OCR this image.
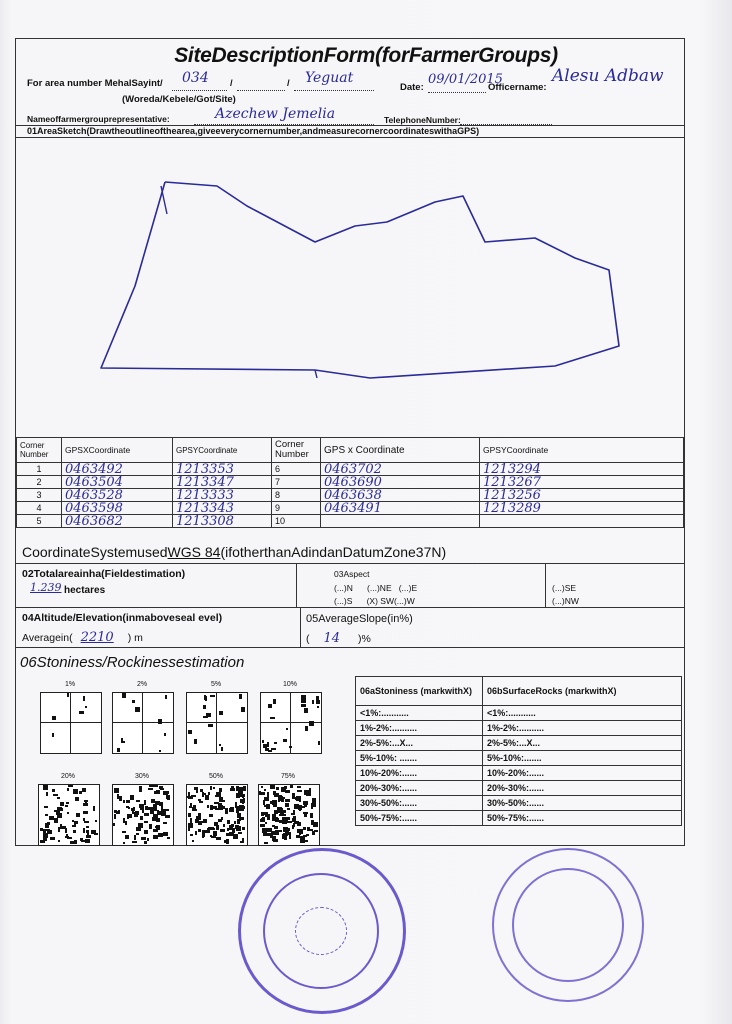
SiteDescriptionForm(forFarmerGroups)
For area number MehalSayint/ 034 /	/ Yeguat
(Woreda/Kebele/Got/Site)
Date:
09/01/2015
Officername:
Alesu Adbaw
Nameoffarmergrouprepresentative:	Azechew Jemelia	TelephoneNumber:
01AreaSketch(Drawtheoutlineofthearea,giveeverycornernumber,andmeasurecornercoordinateswithaGPS)
Corner Number	GPSXCoordinate	GPSYCoordinate	Corner Number	GPS x Coordinate	GPSYCoordinate
1	0463492	1213353	6	0463702	1213294
2	0463504	1213347	7	0463690	1213267
3	0463528	1213333	8	0463638	1213256
4	0463598	1213343	9	0463491	1213289
5	0463682	1213308	10		
CoordinateSystemusedWGS 84(ifotherthanAdindanDatumZone37N)
02Totalareainha(Fieldestimation)
1.239 hectares
03Aspect
(...)N      (...)NE   (...)E
(...)S      (X) SW(...)W
(...)SE
(...)NW
04Altitude/Elevation(inmaboveseal evel)
Averagein( 2210 ) m
05AverageSlope(in%)
( 14 )%
06Stoniness/Rockinessestimation
1%	2%	5%	10%
20%	30%	50%	75%
06aStoniness (markwithX)	06bSurfaceRocks (markwithX)
<1%:...........	<1%:...........
1%-2%:..........	1%-2%:..........
2%-5%:...X...	2%-5%:...X...
5%-10%: .......	5%-10%:.......
10%-20%:......	10%-20%:......
20%-30%:......	20%-30%:......
30%-50%:......	30%-50%:......
50%-75%:......	50%-75%:......
